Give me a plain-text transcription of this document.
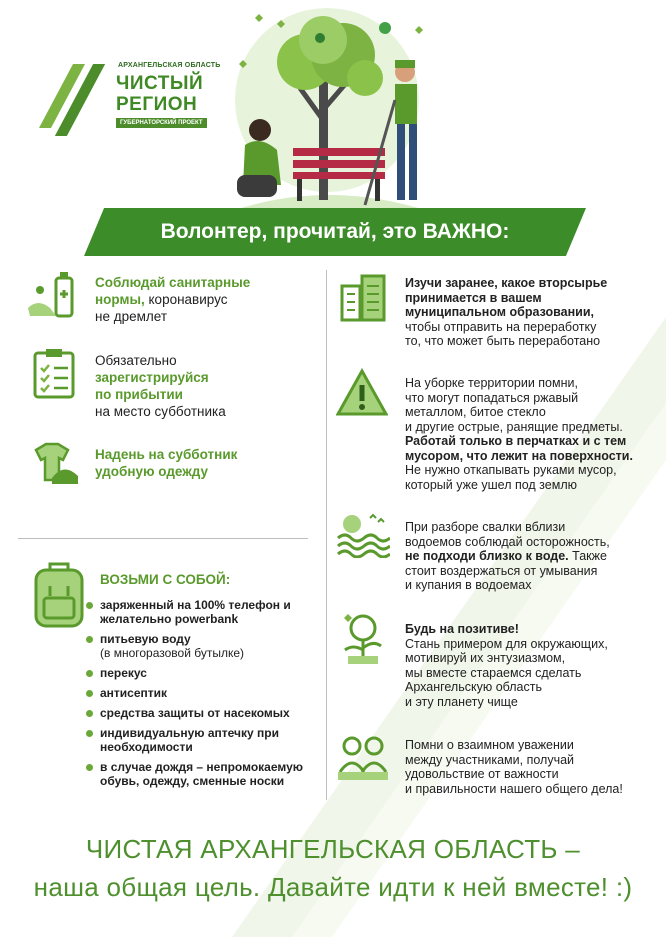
АРХАНГЕЛЬСКАЯ ОБЛАСТЬ
ЧИСТЫЙ
РЕГИОН
ГУБЕРНАТОРСКИЙ ПРОЕКТ
Волонтер, прочитай, это ВАЖНО:
Соблюдай санитарные нормы, коронавирус
не дремлет
Обязательно
зарегистрируйся
по прибытии
на место субботника
Надень на субботник
удобную одежду
ВОЗЬМИ С СОБОЙ:
заряженный на 100% телефон и желательно powerbank
питьевую воду
(в многоразовой бутылке)
перекус
антисептик
средства защиты от насекомых
индивидуальную аптечку при необходимости
в случае дождя – непромокаемую обувь, одежду, сменные носки
Изучи заранее, какое вторсырье
принимается в вашем
муниципальном образовании,
чтобы отправить на переработку
то, что может быть переработано
На уборке территории помни,
что могут попадаться ржавый
металлом, битое стекло
и другие острые, ранящие предметы.
Работай только в перчатках и с тем
мусором, что лежит на поверхности.
Не нужно откапывать руками мусор,
который уже ушел под землю
При разборе свалки вблизи
водоемов соблюдай осторожность,
не подходи близко к воде. Также
стоит воздержаться от умывания
и купания в водоемах
Будь на позитиве!
Стань примером для окружающих,
мотивируй их энтузиазмом,
мы вместе стараемся сделать
Архангельскую область
и эту планету чище
Помни о взаимном уважении
между участниками, получай
удовольствие от важности
и правильности нашего общего дела!
ЧИСТАЯ АРХАНГЕЛЬСКАЯ ОБЛАСТЬ –
наша общая цель. Давайте идти к ней вместе! :)
